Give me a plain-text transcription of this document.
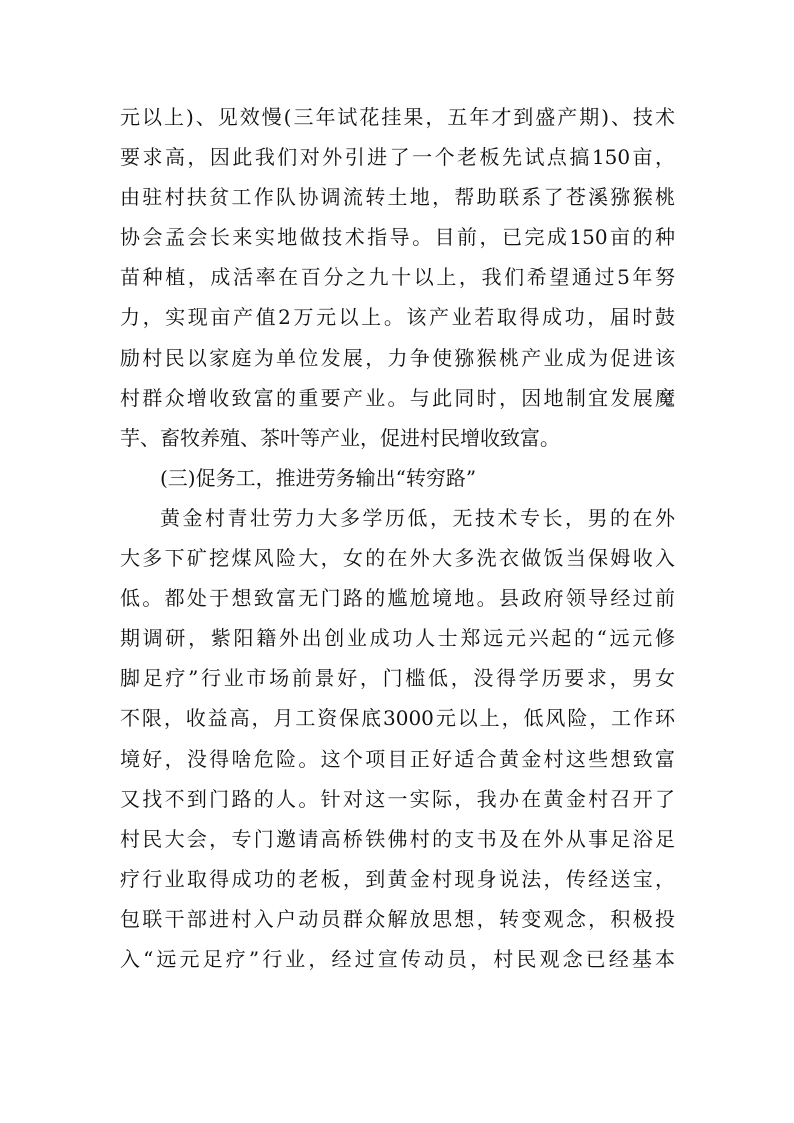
元以上)、见效慢(三年试花挂果，五年才到盛产期)、技术
要求高，因此我们对外引进了一个老板先试点搞150亩，
由驻村扶贫工作队协调流转土地，帮助联系了苍溪猕猴桃
协会孟会长来实地做技术指导。目前，已完成150亩的种
苗种植，成活率在百分之九十以上，我们希望通过5年努
力，实现亩产值2万元以上。该产业若取得成功，届时鼓
励村民以家庭为单位发展，力争使猕猴桃产业成为促进该
村群众增收致富的重要产业。与此同时，因地制宜发展魔
芋、畜牧养殖、茶叶等产业，促进村民增收致富。
(三)促务工，推进劳务输出“转穷路”
黄金村青壮劳力大多学历低，无技术专长，男的在外
大多下矿挖煤风险大，女的在外大多洗衣做饭当保姆收入
低。都处于想致富无门路的尴尬境地。县政府领导经过前
期调研，紫阳籍外出创业成功人士郑远元兴起的“远元修
脚足疗”行业市场前景好，门槛低，没得学历要求，男女
不限，收益高，月工资保底3000元以上，低风险，工作环
境好，没得啥危险。这个项目正好适合黄金村这些想致富
又找不到门路的人。针对这一实际，我办在黄金村召开了
村民大会，专门邀请高桥铁佛村的支书及在外从事足浴足
疗行业取得成功的老板，到黄金村现身说法，传经送宝，
包联干部进村入户动员群众解放思想，转变观念，积极投
入“远元足疗”行业，经过宣传动员，村民观念已经基本
